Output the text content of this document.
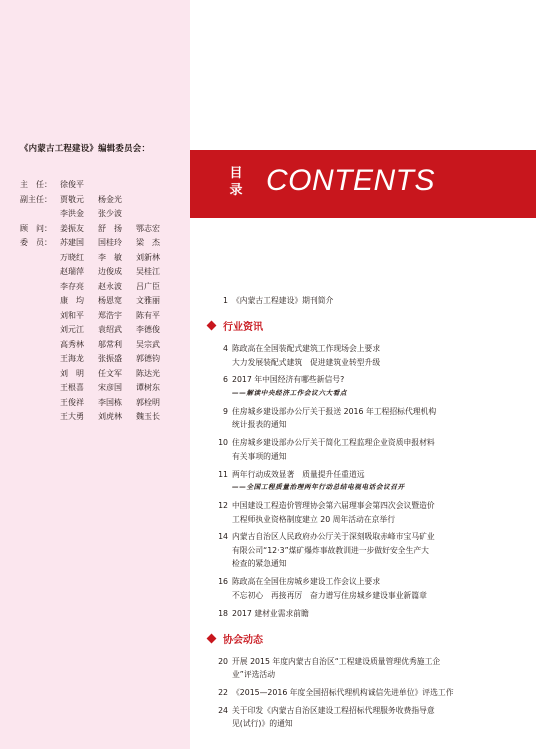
《内蒙古工程建设》编辑委员会：
主　任：	徐俊平
副主任：	贾敬元 杨金光
李洪金 张少波
顾　问：	姜振友 舒　扬 鄂志宏
委　员：	苏建国 国桂玲 梁　杰
万晓红 李　敏 刘新林
赵瑞萍 边俊成 吴桂江
李存亮 赵永波 吕广臣
康　均 杨恩宽 文雅丽
刘和平 郑浩宇 陈有平
刘元江 袁绍武 李德俊
高秀林 邬常利 吴宗武
王海龙 张振盛 郭德钧
刘　明 任文军 陈达光
王根喜 宋彦国 谭树东
王俊祥 李国栋 郭栓明
王大勇 刘虎林 魏玉长
目
录 CONTENTS
1 《内蒙古工程建设》期刊简介
行业资讯
4 陈政高在全国装配式建筑工作现场会上要求
大力发展装配式建筑　促进建筑业转型升级
6 2017 年中国经济有哪些新信号?
——解读中央经济工作会议六大看点
9 住房城乡建设部办公厅关于报送 2016 年工程招标代理机构
统计报表的通知
10 住房城乡建设部办公厅关于简化工程监理企业资质申报材料
有关事项的通知
11 两年行动成效显著　质量提升任重道远
——全国工程质量治理两年行动总结电视电话会议召开
12 中国建设工程造价管理协会第六届理事会第四次会议暨造价
工程师执业资格制度建立 20 周年活动在京举行
14 内蒙古自治区人民政府办公厅关于深刻吸取赤峰市宝马矿业
有限公司“12·3”煤矿爆炸事故教训进一步做好安全生产大
检查的紧急通知
16 陈政高在全国住房城乡建设工作会议上要求
不忘初心　再接再厉　奋力谱写住房城乡建设事业新篇章
18 2017 建材业需求前瞻
协会动态
20 开展 2015 年度内蒙古自治区“工程建设质量管理优秀施工企
业”评选活动
22 《2015—2016 年度全国招标代理机构诚信先进单位》评选工作
24 关于印发《内蒙古自治区建设工程招标代理服务收费指导意
见(试行)》的通知
